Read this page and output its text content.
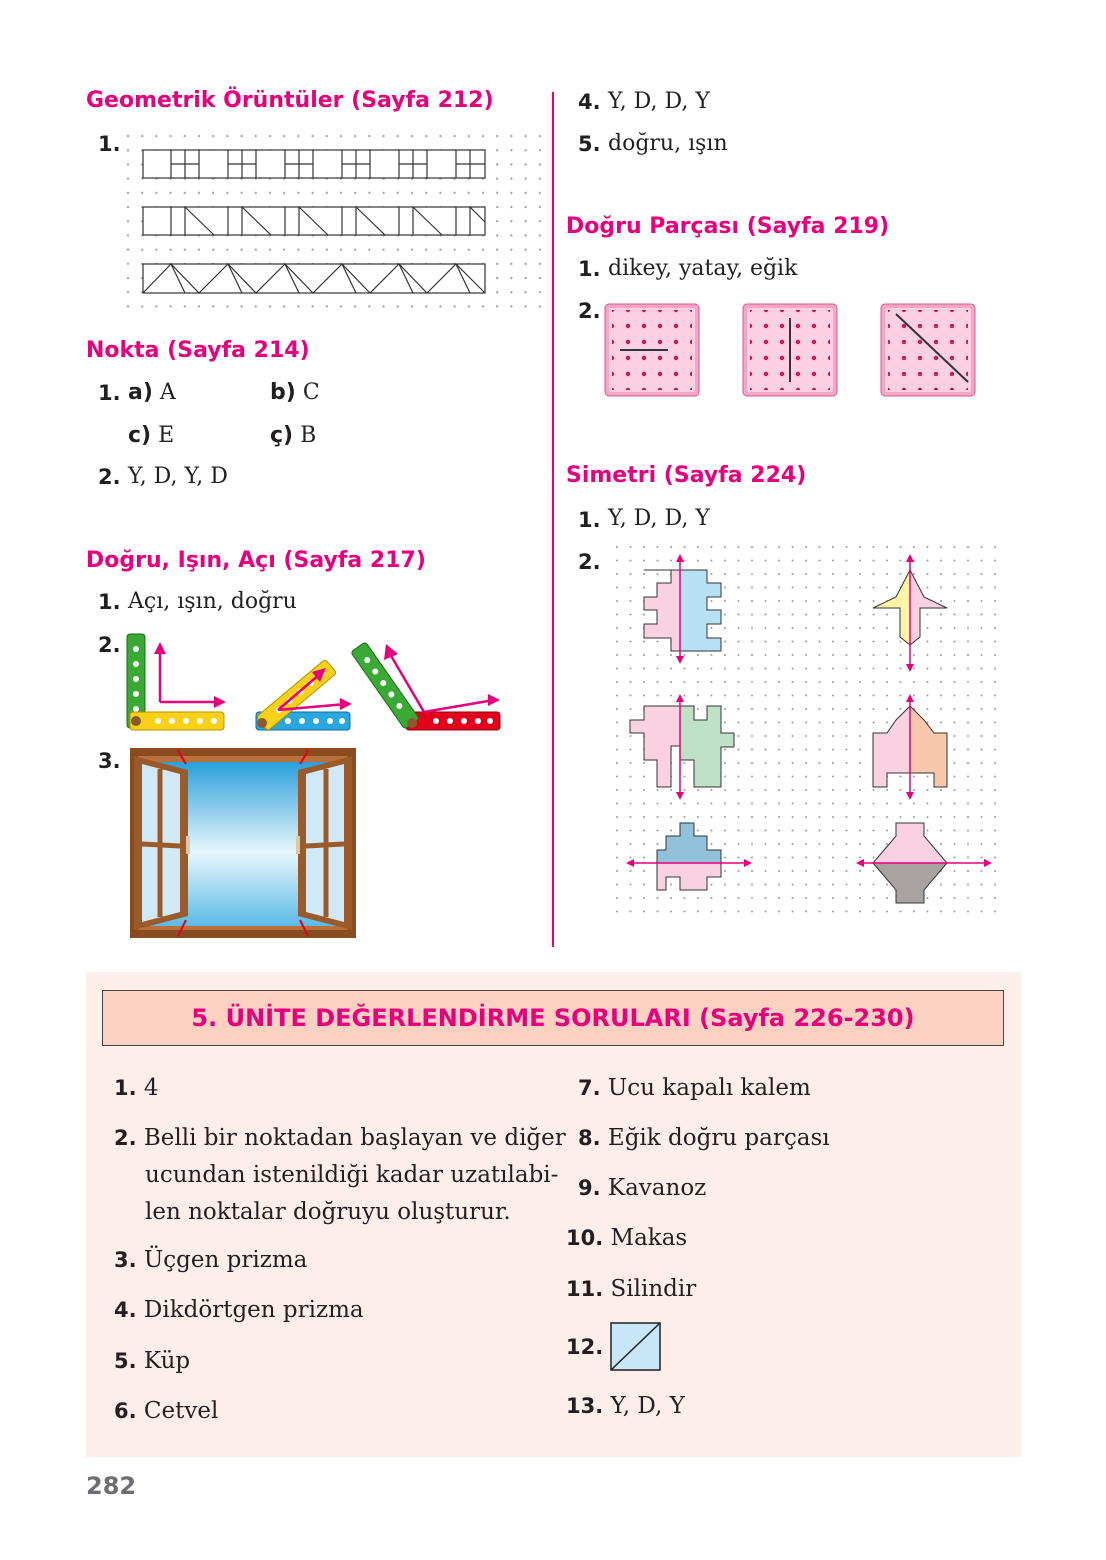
Geometrik Örüntüler (Sayfa 212)
1.
Nokta (Sayfa 214)
1. a) A	b) C
c) E	ç) B
2. Y, D, Y, D
Doğru, Işın, Açı (Sayfa 217)
1. Açı, ışın, doğru
2.
3.
4. Y, D, D, Y
5. doğru, ışın
Doğru Parçası (Sayfa 219)
1. dikey, yatay, eğik
2.
Simetri (Sayfa 224)
1. Y, D, D, Y
2.
5. ÜNİTE DEĞERLENDİRME SORULARI (Sayfa 226-230)
1. 4
2. Belli bir noktadan başlayan ve diğer
ucundan istenildiği kadar uzatılabi-
len noktalar doğruyu oluşturur.
3. Üçgen prizma
4. Dikdörtgen prizma
5. Küp
6. Cetvel
7. Ucu kapalı kalem
8. Eğik doğru parçası
9. Kavanoz
10. Makas
11. Silindir
12.
13. Y, D, Y
282
